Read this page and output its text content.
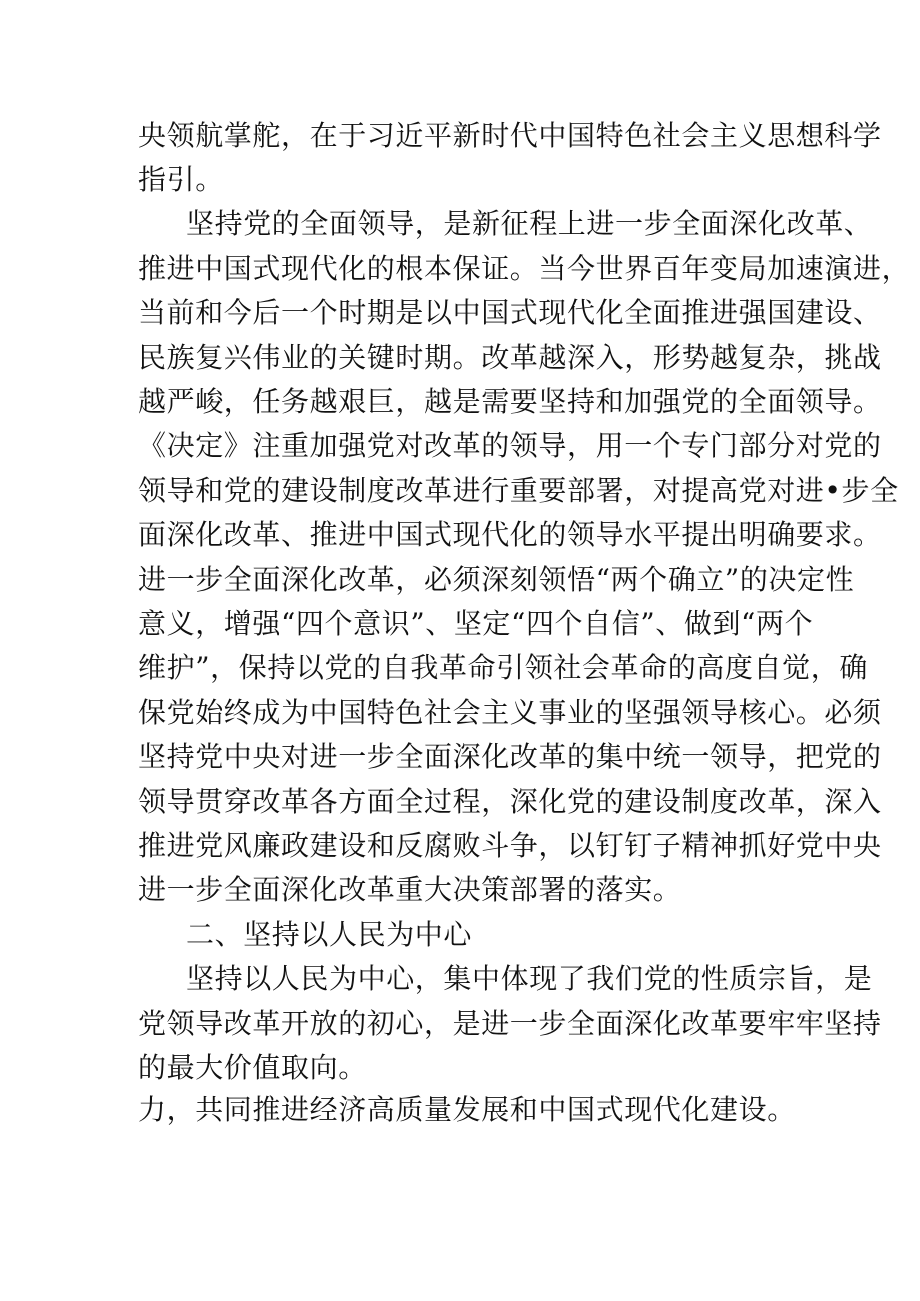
央领航掌舵，在于习近平新时代中国特色社会主义思想科学
指引。
坚持党的全面领导，是新征程上进一步全面深化改革、
推进中国式现代化的根本保证。当今世界百年变局加速演进，
当前和今后一个时期是以中国式现代化全面推进强国建设、
民族复兴伟业的关键时期。改革越深入，形势越复杂，挑战
越严峻，任务越艰巨，越是需要坚持和加强党的全面领导。
《决定》注重加强党对改革的领导，用一个专门部分对党的
领导和党的建设制度改革进行重要部署，对提高党对进•步全
面深化改革、推进中国式现代化的领导水平提出明确要求。
进一步全面深化改革，必须深刻领悟“两个确立”的决定性
意义，增强“四个意识”、坚定“四个自信”、做到“两个
维护”，保持以党的自我革命引领社会革命的高度自觉，确
保党始终成为中国特色社会主义事业的坚强领导核心。必须
坚持党中央对进一步全面深化改革的集中统一领导，把党的
领导贯穿改革各方面全过程，深化党的建设制度改革，深入
推进党风廉政建设和反腐败斗争，以钉钉子精神抓好党中央
进一步全面深化改革重大决策部署的落实。
二、坚持以人民为中心
坚持以人民为中心，集中体现了我们党的性质宗旨，是
党领导改革开放的初心，是进一步全面深化改革要牢牢坚持
的最大价值取向。
力，共同推进经济高质量发展和中国式现代化建设。
